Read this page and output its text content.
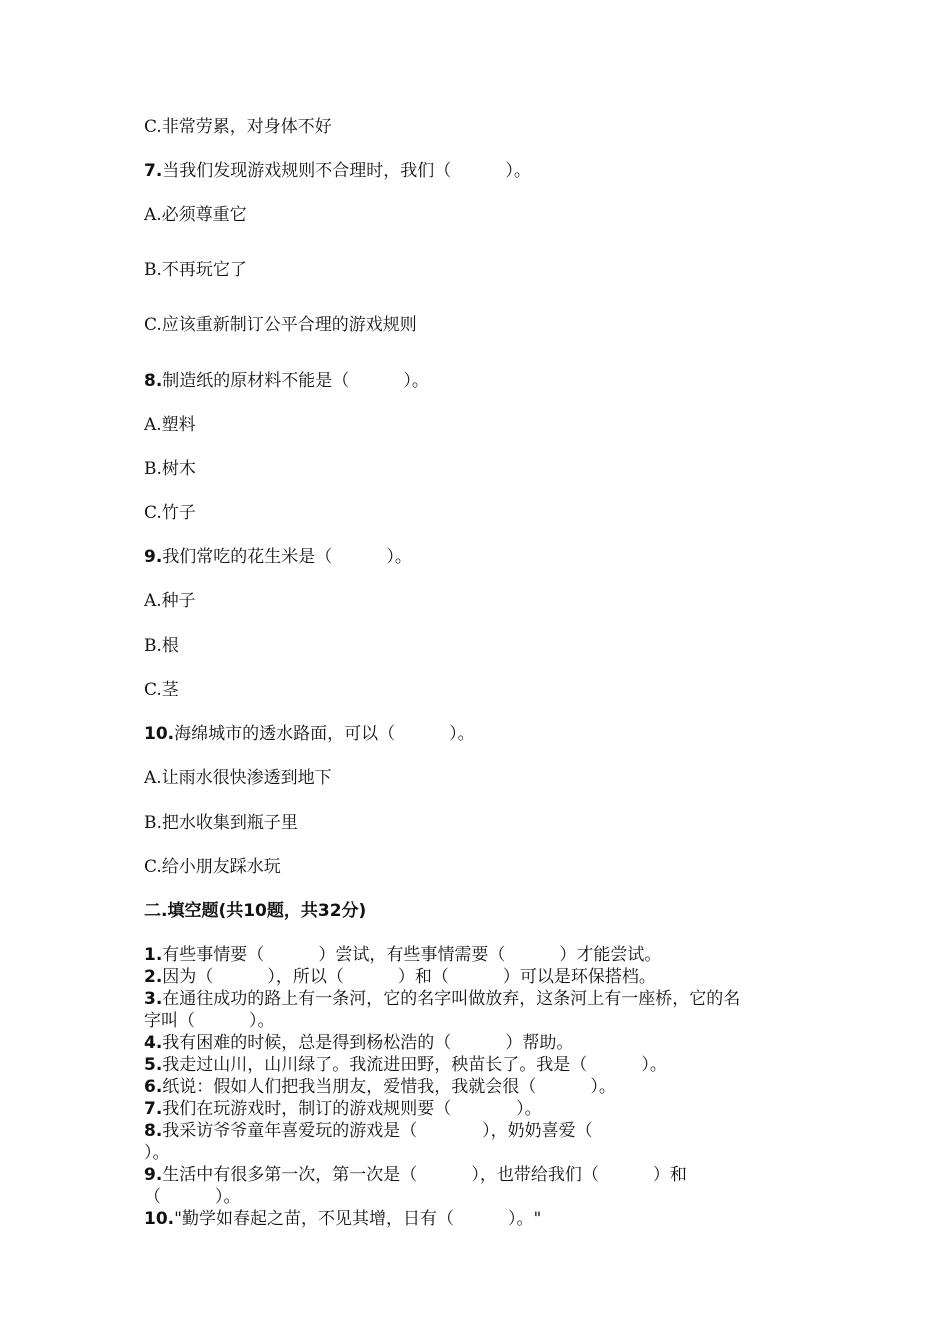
C.非常劳累，对身体不好
7.当我们发现游戏规则不合理时，我们（          ）。
A.必须尊重它
B.不再玩它了
C.应该重新制订公平合理的游戏规则
8.制造纸的原材料不能是（          ）。
A.塑料
B.树木
C.竹子
9.我们常吃的花生米是（          ）。
A.种子
B.根
C.茎
10.海绵城市的透水路面，可以（          ）。
A.让雨水很快渗透到地下
B.把水收集到瓶子里
C.给小朋友踩水玩
二.填空题(共10题，共32分)
1.有些事情要（          ）尝试，有些事情需要（          ）才能尝试。
2.因为（          ），所以（          ）和（          ）可以是环保搭档。
3.在通往成功的路上有一条河，它的名字叫做放弃，这条河上有一座桥，它的名
字叫（          ）。
4.我有困难的时候，总是得到杨松浩的（          ）帮助。
5.我走过山川，山川绿了。我流进田野，秧苗长了。我是（          ）。
6.纸说：假如人们把我当朋友，爱惜我，我就会很（          ）。
7.我们在玩游戏时，制订的游戏规则要（            ）。
8.我采访爷爷童年喜爱玩的游戏是（            ），奶奶喜爱（
）。
9.生活中有很多第一次，第一次是（          ），也带给我们（          ）和
（          ）。
10."勤学如春起之苗，不见其增，日有（          ）。"
